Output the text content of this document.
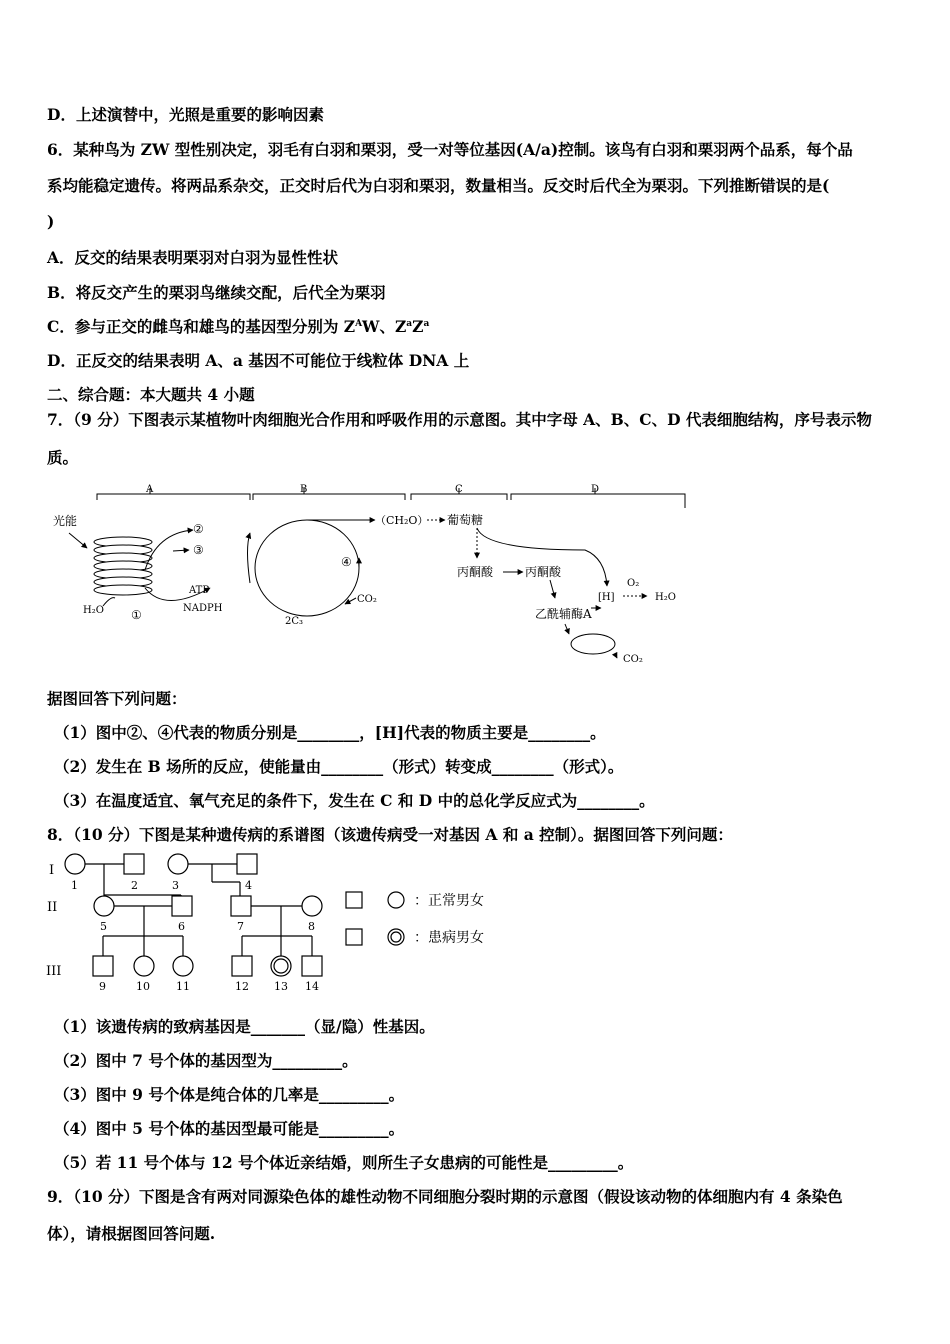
D．上述演替中，光照是重要的影响因素
6．某种鸟为 ZW 型性别决定，羽毛有白羽和栗羽，受一对等位基因(A/a)控制。该鸟有白羽和栗羽两个品系，每个品
系均能稳定遗传。将两品系杂交，正交时后代为白羽和栗羽，数量相当。反交时后代全为栗羽。下列推断错误的是(
)
A．反交的结果表明栗羽对白羽为显性性状
B．将反交产生的栗羽鸟继续交配，后代全为栗羽
C．参与正交的雌鸟和雄鸟的基因型分别为 $Z^AW$、$Z^aZ^a$
D．正反交的结果表明 A、a 基因不可能位于线粒体 DNA 上
二、综合题：本大题共 4 小题
7．（9 分）下图表示某植物叶肉细胞光合作用和呼吸作用的示意图。其中字母 A、B、C、D 代表细胞结构，序号表示物
质。
A	B	C	D
光能
H₂O ①
②
③
ATP
NADPH
④
2C₃
CO₂
（CH₂O） 葡萄糖
丙酮酸	丙酮酸
[H]
O₂
H₂O
乙酰辅酶A
CO₂
据图回答下列问题：
（1）图中②、④代表的物质分别是________，[H]代表的物质主要是________。
（2）发生在 B 场所的反应，使能量由________（形式）转变成________（形式）。
（3）在温度适宜、氧气充足的条件下，发生在 C 和 D 中的总化学反应式为________。
8．（10 分）下图是某种遗传病的系谱图（该遗传病受一对基因 A 和 a 控制）。据图回答下列问题：
I
II
III
1	2	3	4
5	6	7	8
9	10 11	12 13 14
：正常男女
：患病男女
（1）该遗传病的致病基因是_______（显/隐）性基因。
（2）图中 7 号个体的基因型为_________。
（3）图中 9 号个体是纯合体的几率是_________。
（4）图中 5 号个体的基因型最可能是_________。
（5）若 11 号个体与 12 号个体近亲结婚，则所生子女患病的可能性是_________。
9．（10 分）下图是含有两对同源染色体的雄性动物不同细胞分裂时期的示意图（假设该动物的体细胞内有 4 条染色
体），请根据图回答问题.
